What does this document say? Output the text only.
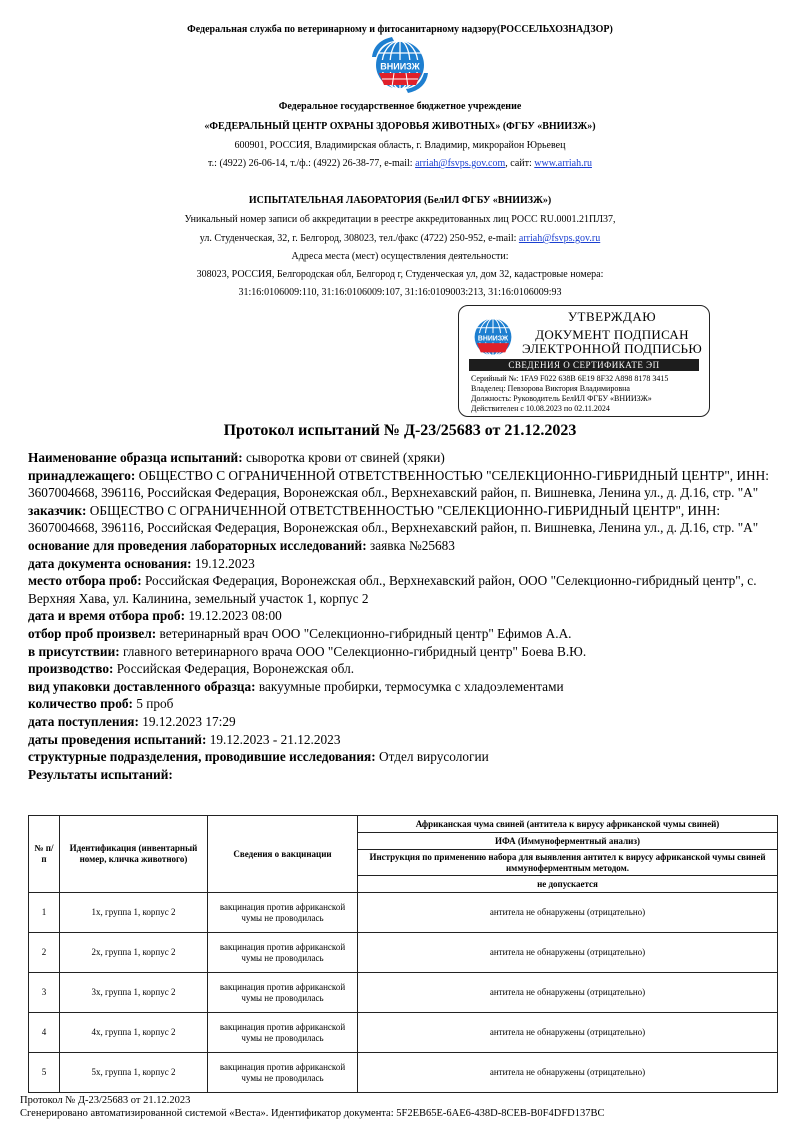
Федеральная служба по ветеринарному и фитосанитарному надзору(РОССЕЛЬХОЗНАДЗОР)
ВНИИЗЖ
Федеральное государственное бюджетное учреждение
«ФЕДЕРАЛЬНЫЙ ЦЕНТР ОХРАНЫ ЗДОРОВЬЯ ЖИВОТНЫХ» (ФГБУ «ВНИИЗЖ»)
600901, РОССИЯ, Владимирская область, г. Владимир, микрорайон Юрьевец
т.: (4922) 26-06-14, т./ф.: (4922) 26-38-77, e-mail: arriah@fsvps.gov.com, сайт: www.arriah.ru
ИСПЫТАТЕЛЬНАЯ ЛАБОРАТОРИЯ (БелИЛ ФГБУ «ВНИИЗЖ»)
Уникальный номер записи об аккредитации в реестре аккредитованных лиц РОСС RU.0001.21ПЛ37,
ул. Студенческая, 32, г. Белгород, 308023, тел./факс (4722) 250-952, e-mail: arriah@fsvps.gov.ru
Адреса места (мест) осуществления деятельности:
308023, РОССИЯ, Белгородская обл, Белгород г, Студенческая ул, дом 32, кадастровые номера:
31:16:0106009:110, 31:16:0106009:107, 31:16:0109003:213, 31:16:0106009:93
ВНИИЗЖ
УТВЕРЖДАЮ
ДОКУМЕНТ ПОДПИСАН
ЭЛЕКТРОННОЙ ПОДПИСЬЮ
СВЕДЕНИЯ О СЕРТИФИКАТЕ ЭП
Серийный №: 1FA9 F022 638B 6E19 8F32 A898 8178 3415
Владелец: Певзорова Виктория Владимировна
Должность: Руководитель БелИЛ ФГБУ «ВНИИЗЖ»
Действителен с 10.08.2023 по 02.11.2024
Протокол испытаний № Д-23/25683 от 21.12.2023

Наименование образца испытаний: сыворотка крови от свиней (хряки)

принадлежащего: ОБЩЕСТВО С ОГРАНИЧЕННОЙ ОТВЕТСТВЕННОСТЬЮ "СЕЛЕКЦИОННО-ГИБРИДНЫЙ ЦЕНТР", ИНН: 3607004668, 396116, Российская Федерация, Воронежская обл., Верхнехавский район, п. Вишневка, Ленина ул., д. Д.16, стр. "А"

заказчик: ОБЩЕСТВО С ОГРАНИЧЕННОЙ ОТВЕТСТВЕННОСТЬЮ "СЕЛЕКЦИОННО-ГИБРИДНЫЙ ЦЕНТР", ИНН: 3607004668, 396116, Российская Федерация, Воронежская обл., Верхнехавский район, п. Вишневка, Ленина ул., д. Д.16, стр. "А"

основание для проведения лабораторных исследований: заявка №25683

дата документа основания: 19.12.2023

место отбора проб: Российская Федерация, Воронежская обл., Верхнехавский район, ООО "Селекционно-гибридный центр", с. Верхняя Хава, ул. Калинина, земельный участок 1, корпус 2

дата и время отбора проб: 19.12.2023 08:00

отбор проб произвел: ветеринарный врач ООО "Селекционно-гибридный центр" Ефимов А.А.

в присутствии: главного ветеринарного врача ООО "Селекционно-гибридный центр" Боева В.Ю.

производство: Российская Федерация, Воронежская обл.

вид упаковки доставленного образца: вакуумные пробирки, термосумка с хладоэлементами

количество проб: 5 проб

дата поступления: 19.12.2023 17:29

даты проведения испытаний: 19.12.2023 - 21.12.2023

структурные подразделения, проводившие исследования: Отдел вирусологии

Результаты испытаний:

№ п/п	Идентификация (инвентарный номер, кличка животного)	Сведения о вакцинации	Африканская чума свиней (антитела к вирусу африканской чумы свиней)
			ИФА (Иммуноферментный анализ)
			Инструкция по применению набора для выявления антител к вирусу африканской чумы свиней иммуноферментным методом.
			не допускается
1	1х, группа 1, корпус 2	вакцинация против африканской чумы не проводилась	антитела не обнаружены (отрицательно)
2	2х, группа 1, корпус 2	вакцинация против африканской чумы не проводилась	антитела не обнаружены (отрицательно)
3	3х, группа 1, корпус 2	вакцинация против африканской чумы не проводилась	антитела не обнаружены (отрицательно)
4	4х, группа 1, корпус 2	вакцинация против африканской чумы не проводилась	антитела не обнаружены (отрицательно)
5	5х, группа 1, корпус 2	вакцинация против африканской чумы не проводилась	антитела не обнаружены (отрицательно)
Протокол № Д-23/25683 от 21.12.2023
Сгенерировано автоматизированной системой «Веста». Идентификатор документа: 5F2EB65E-6AE6-438D-8CEB-B0F4DFD137BC
